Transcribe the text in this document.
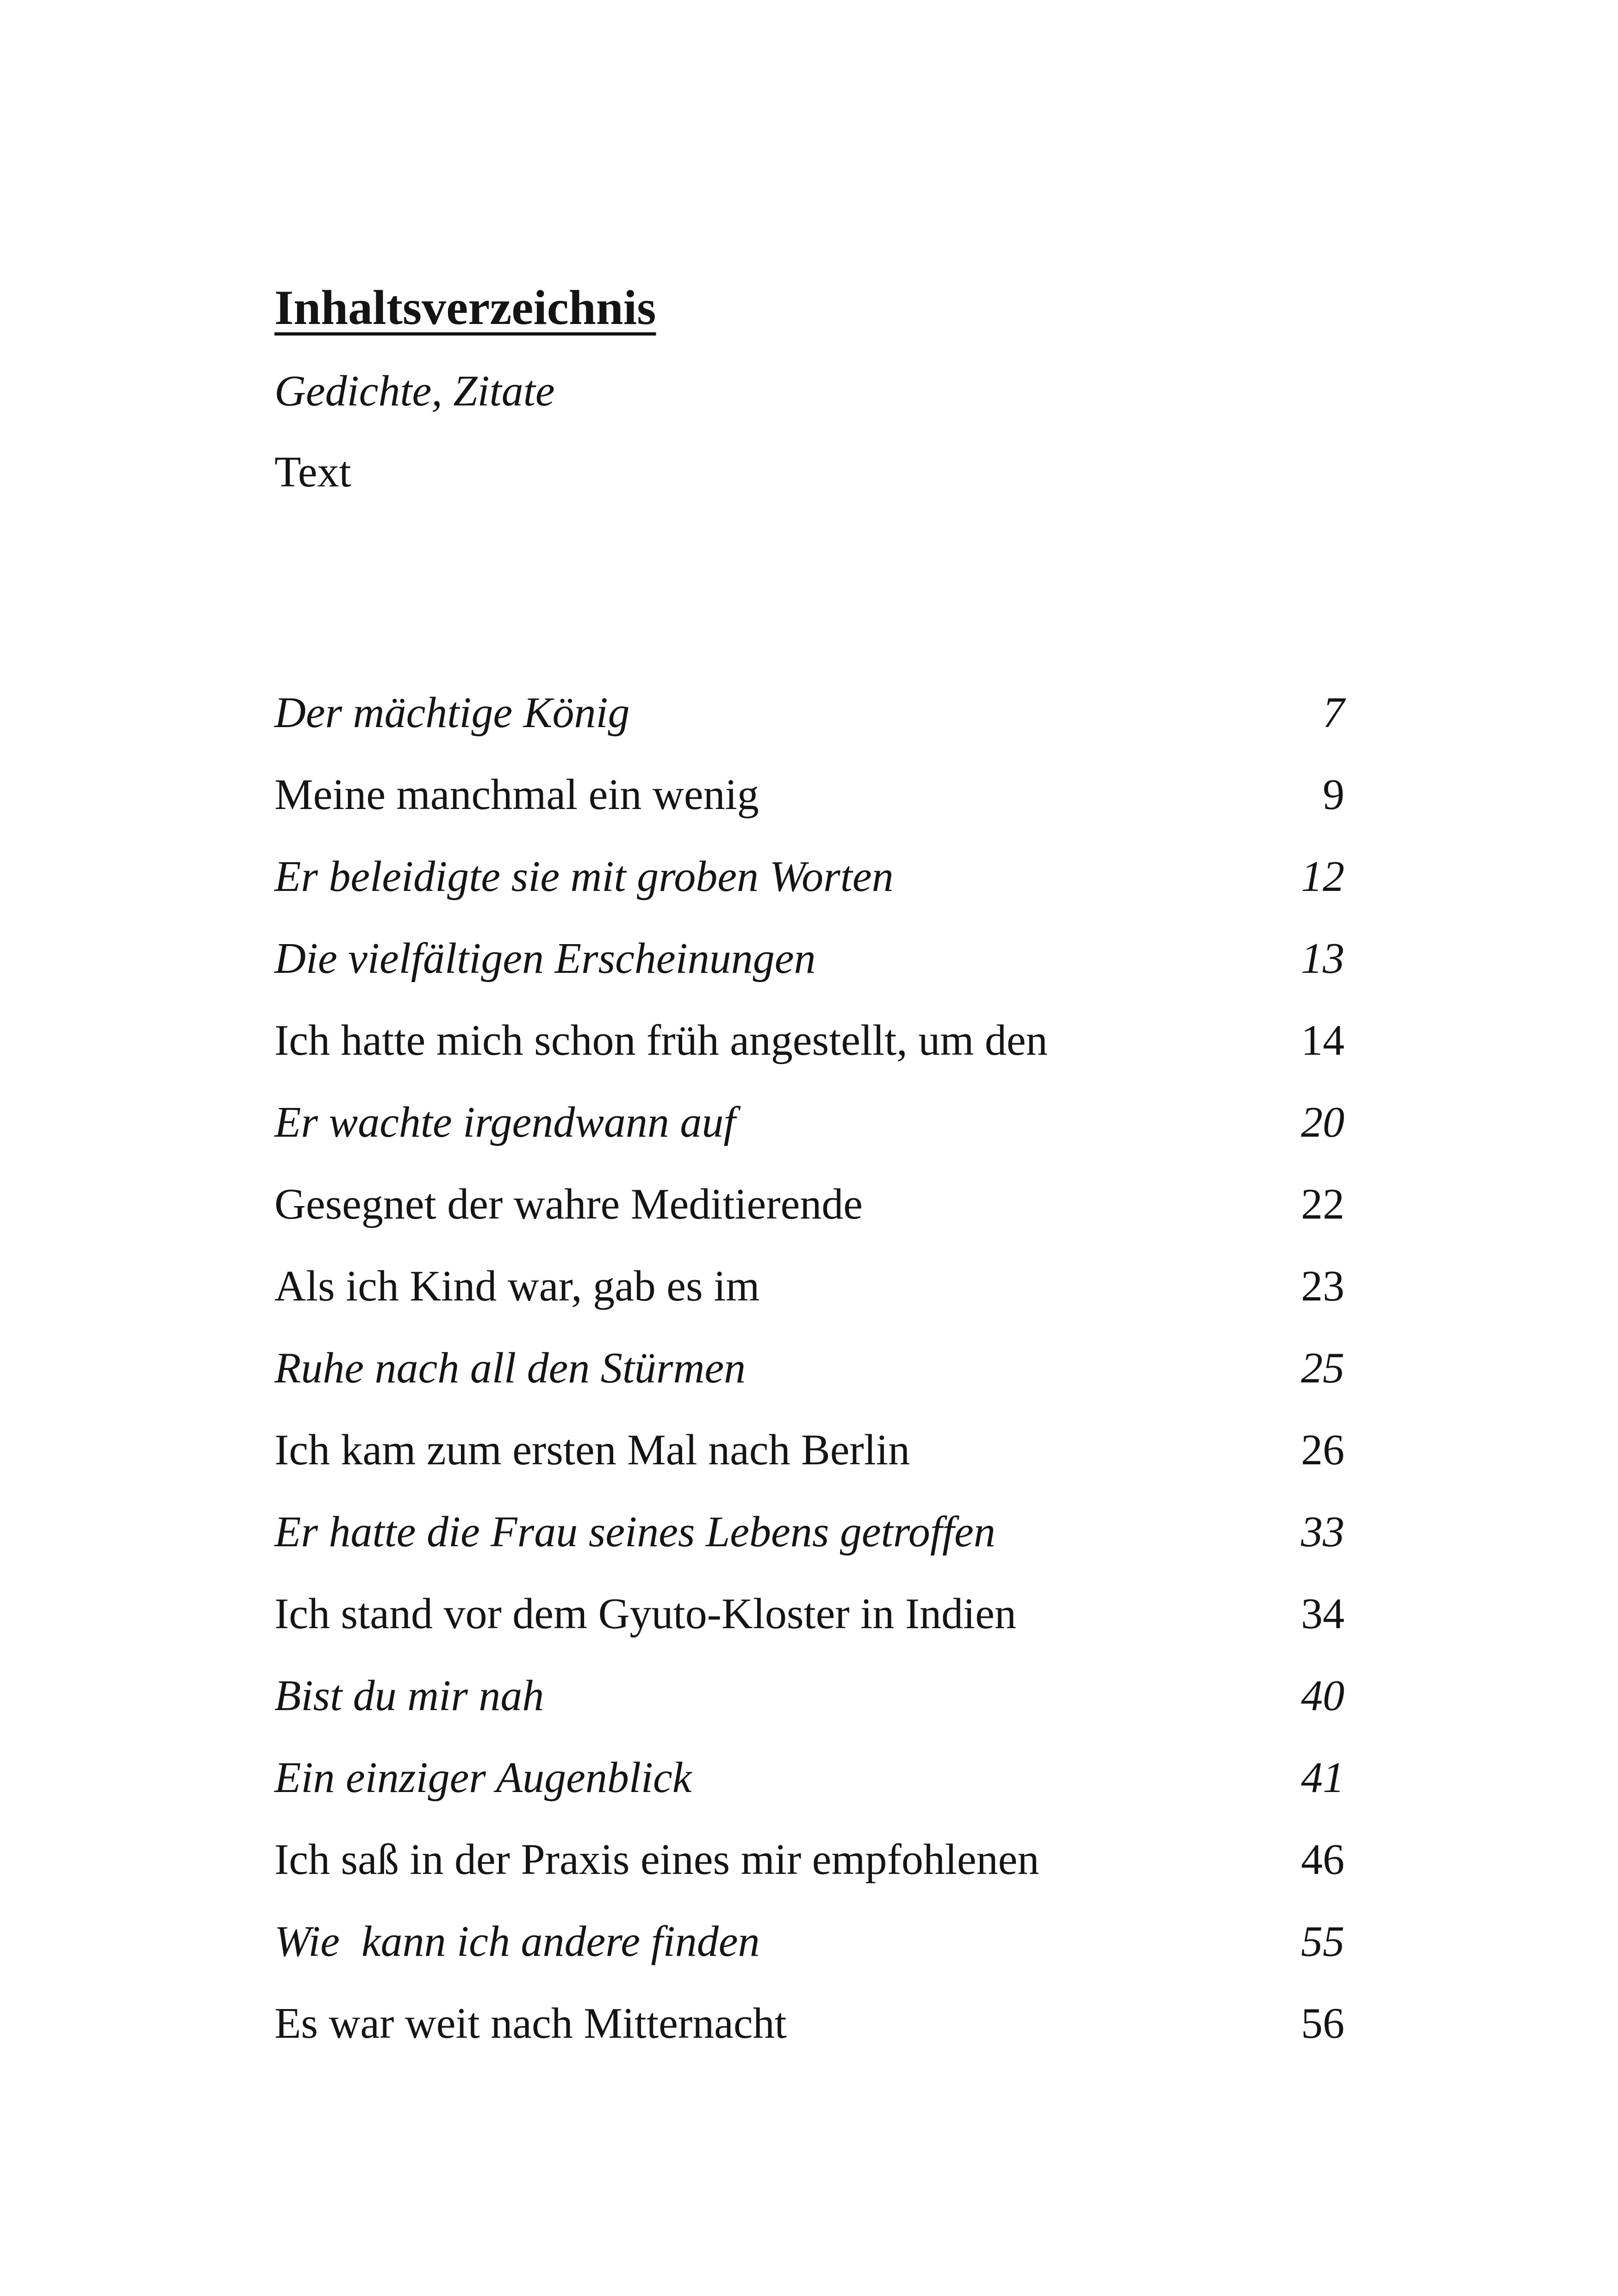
Inhaltsverzeichnis
Gedichte, Zitate
Text
Der mächtige König	7
Meine manchmal ein wenig	9
Er beleidigte sie mit groben Worten	12
Die vielfältigen Erscheinungen	13
Ich hatte mich schon früh angestellt, um den	14
Er wachte irgendwann auf	20
Gesegnet der wahre Meditierende	22
Als ich Kind war, gab es im	23
Ruhe nach all den Stürmen	25
Ich kam zum ersten Mal nach Berlin	26
Er hatte die Frau seines Lebens getroffen	33
Ich stand vor dem Gyuto-Kloster in Indien	34
Bist du mir nah	40
Ein einziger Augenblick	41
Ich saß in der Praxis eines mir empfohlenen	46
Wie  kann ich andere finden	55
Es war weit nach Mitternacht	56
